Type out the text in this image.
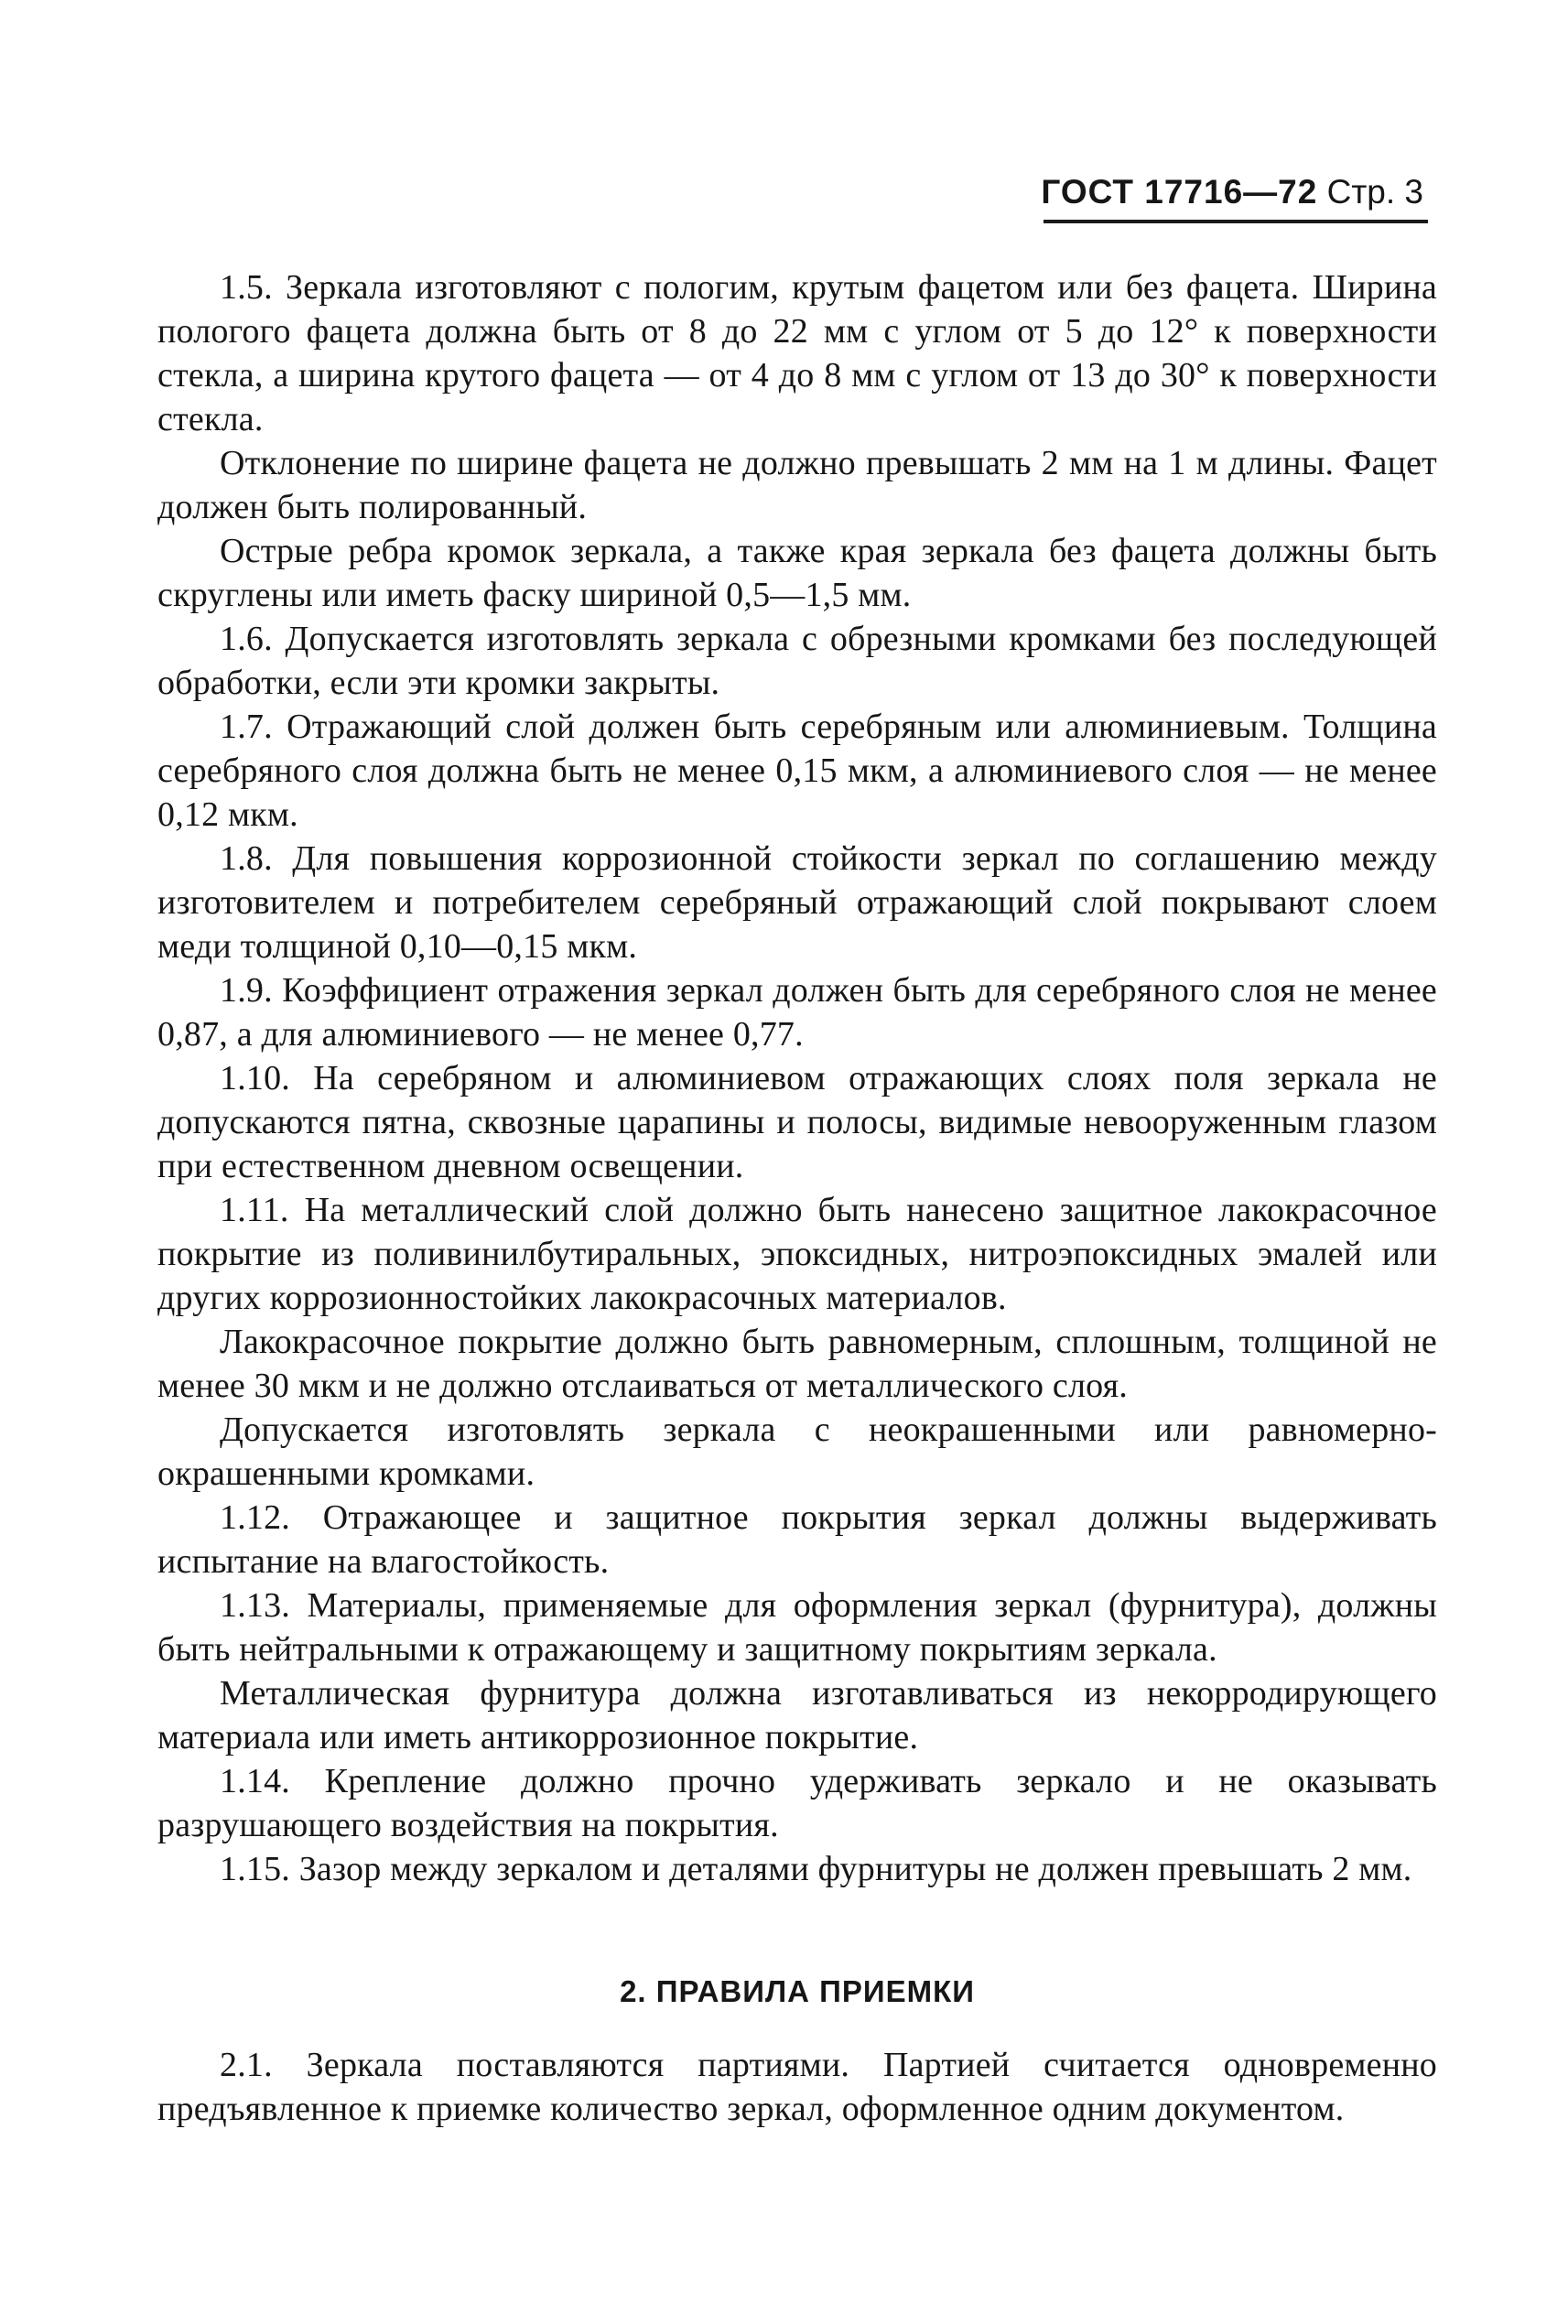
ГОСТ 17716—72 Стр. 3

1.5. Зеркала изготовляют с пологим, крутым фацетом или без фацета. Ширина пологого фацета должна быть от 8 до 22 мм с углом от 5 до 12° к поверхности стекла, а ширина крутого фацета — от 4 до 8 мм с углом от 13 до 30° к поверхности стекла.

Отклонение по ширине фацета не должно превышать 2 мм на 1 м длины. Фацет должен быть полированный.

Острые ребра кромок зеркала, а также края зеркала без фацета должны быть скруглены или иметь фаску шириной 0,5—1,5 мм.

1.6. Допускается изготовлять зеркала с обрезными кромками без последующей обработки, если эти кромки закрыты.

1.7. Отражающий слой должен быть серебряным или алюминиевым. Толщина серебряного слоя должна быть не менее 0,15 мкм, а алюминиевого слоя — не менее 0,12 мкм.

1.8. Для повышения коррозионной стойкости зеркал по соглашению между изготовителем и потребителем серебряный отражающий слой покрывают слоем меди толщиной 0,10—0,15 мкм.

1.9. Коэффициент отражения зеркал должен быть для серебряного слоя не менее 0,87, а для алюминиевого — не менее 0,77.

1.10. На серебряном и алюминиевом отражающих слоях поля зеркала не допускаются пятна, сквозные царапины и полосы, видимые невооруженным глазом при естественном дневном освещении.

1.11. На металлический слой должно быть нанесено защитное лакокрасочное покрытие из поливинилбутиральных, эпоксидных, нитроэпоксидных эмалей или других коррозионностойких лакокрасочных материалов.

Лакокрасочное покрытие должно быть равномерным, сплошным, толщиной не менее 30 мкм и не должно отслаиваться от металлического слоя.

Допускается изготовлять зеркала с неокрашенными или равномерно-окрашенными кромками.

1.12. Отражающее и защитное покрытия зеркал должны выдерживать испытание на влагостойкость.

1.13. Материалы, применяемые для оформления зеркал (фурнитура), должны быть нейтральными к отражающему и защитному покрытиям зеркала.

Металлическая фурнитура должна изготавливаться из некорродирующего материала или иметь антикоррозионное покрытие.

1.14. Крепление должно прочно удерживать зеркало и не оказывать разрушающего воздействия на покрытия.

1.15. Зазор между зеркалом и деталями фурнитуры не должен превышать 2 мм.

2. ПРАВИЛА ПРИЕМКИ

2.1. Зеркала поставляются партиями. Партией считается одновременно предъявленное к приемке количество зеркал, оформленное одним документом.
